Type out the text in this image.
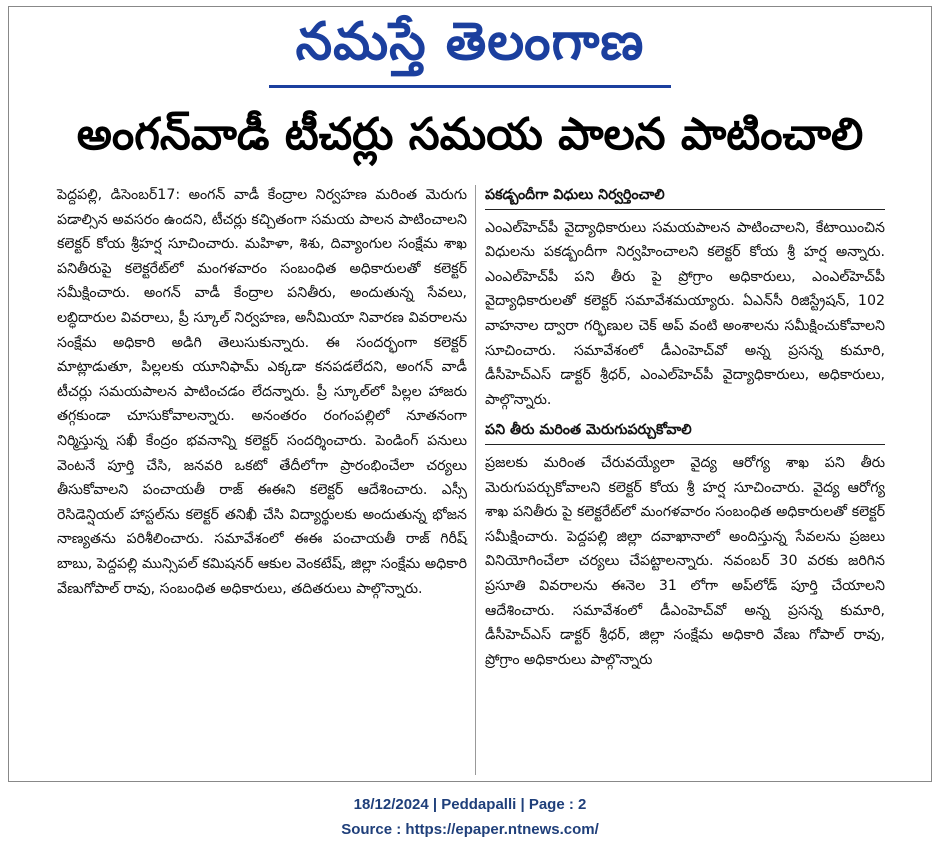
నమస్తే తెలంగాణ
అంగన్‌వాడీ టీచర్లు సమయ పాలన పాటించాలి

పెద్దపల్లి, డిసెంబర్17: అంగన్ వాడీ కేంద్రాల నిర్వహణ మరింత మెరుగు పడాల్సిన అవసరం ఉందని, టీచర్లు కచ్చితంగా సమయ పాలన పాటించాలని కలెక్టర్ కోయ శ్రీహర్ష సూచించారు. మహిళా, శిశు, దివ్యాంగుల సంక్షేమ శాఖ పనితీరుపై కలెక్టరేట్‌లో మంగళవారం సంబంధిత అధికారులతో కలెక్టర్ సమీక్షించారు. అంగన్ వాడీ కేంద్రాల పనితీరు, అందుతున్న సేవలు, లబ్ధిదారుల వివరాలు, ప్రీ స్కూల్ నిర్వహణ, అనీమియా నివారణ వివరాలను సంక్షేమ అధికారి అడిగి తెలుసుకున్నారు. ఈ సందర్భంగా కలెక్టర్ మాట్లాడుతూ, పిల్లలకు యూనిఫామ్ ఎక్కడా కనపడలేదని, అంగన్ వాడీ టీచర్లు సమయపాలన పాటించడం లేదన్నారు. ప్రీ స్కూల్‌లో పిల్లల హాజరు తగ్గకుండా చూసుకోవాలన్నారు. అనంతరం రంగంపల్లిలో నూతనంగా నిర్మిస్తున్న సఖీ కేంద్రం భవనాన్ని కలెక్టర్ సందర్శించారు. పెండింగ్ పనులు వెంటనే పూర్తి చేసి, జనవరి ఒకటో తేదీలోగా ప్రారంభించేలా చర్యలు తీసుకోవాలని పంచాయతీ రాజ్ ఈఈని కలెక్టర్ ఆదేశించారు. ఎస్సీ రెసిడెన్షియల్ హాస్టల్‌ను కలెక్టర్ తనిఖీ చేసి విద్యార్థులకు అందుతున్న భోజన నాణ్యతను పరిశీలించారు. సమావేశంలో ఈఈ పంచాయతీ రాజ్ గిరీష్ బాబు, పెద్దపల్లి మున్సిపల్ కమిషనర్ ఆకుల వెంకటేష్, జిల్లా సంక్షేమ అధికారి వేణుగోపాల్ రావు, సంబంధిత అధికారులు, తదితరులు పాల్గొన్నారు.

పకడ్బందీగా విధులు నిర్వర్తించాలి

ఎంఎల్‌హెచ్‌పీ వైద్యాధికారులు సమయపాలన పాటించాలని, కేటాయించిన విధులను పకడ్బందీగా నిర్వహించాలని కలెక్టర్ కోయ శ్రీ హర్ష అన్నారు. ఎంఎల్‌హెచ్‌పీ పని తీరు పై ప్రోగ్రాం అధికారులు, ఎంఎల్‌హెచ్‌పీ వైద్యాధికారులతో కలెక్టర్ సమావేశమయ్యారు. ఏఎన్‌సీ రిజిస్ట్రేషన్, 102 వాహనాల ద్వారా గర్భిణుల చెక్ అప్ వంటి అంశాలను సమీక్షించుకోవాలని సూచించారు. సమావేశంలో డీఎంహెచ్‌వో అన్న ప్రసన్న కుమారి, డీసీహెచ్‌ఎస్ డాక్టర్ శ్రీధర్, ఎంఎల్‌హెచ్‌పీ వైద్యాధికారులు, అధికారులు, పాల్గొన్నారు.

పని తీరు మరింత మెరుగుపర్చుకోవాలి

ప్రజలకు మరింత చేరువయ్యేలా వైద్య ఆరోగ్య శాఖ పని తీరు మెరుగుపర్చుకోవాలని కలెక్టర్ కోయ శ్రీ హర్ష సూచించారు. వైద్య ఆరోగ్య శాఖ పనితీరు పై కలెక్టరేట్‌లో మంగళవారం సంబంధిత అధికారులతో కలెక్టర్ సమీక్షించారు. పెద్దపల్లి జిల్లా దవాఖానాలో అందిస్తున్న సేవలను ప్రజలు వినియోగించేలా చర్యలు చేపట్టాలన్నారు. నవంబర్ 30 వరకు జరిగిన ప్రసూతి వివరాలను ఈనెల 31 లోగా అప్‌లోడ్ పూర్తి చేయాలని ఆదేశించారు. సమావేశంలో డీఎంహెచ్‌వో అన్న ప్రసన్న కుమారి, డీసీహెచ్‌ఎస్ డాక్టర్ శ్రీధర్, జిల్లా సంక్షేమ అధికారి వేణు గోపాల్ రావు, ప్రోగ్రాం అధికారులు పాల్గొన్నారు

18/12/2024 | Peddapalli | Page : 2
Source : https://epaper.ntnews.com/
